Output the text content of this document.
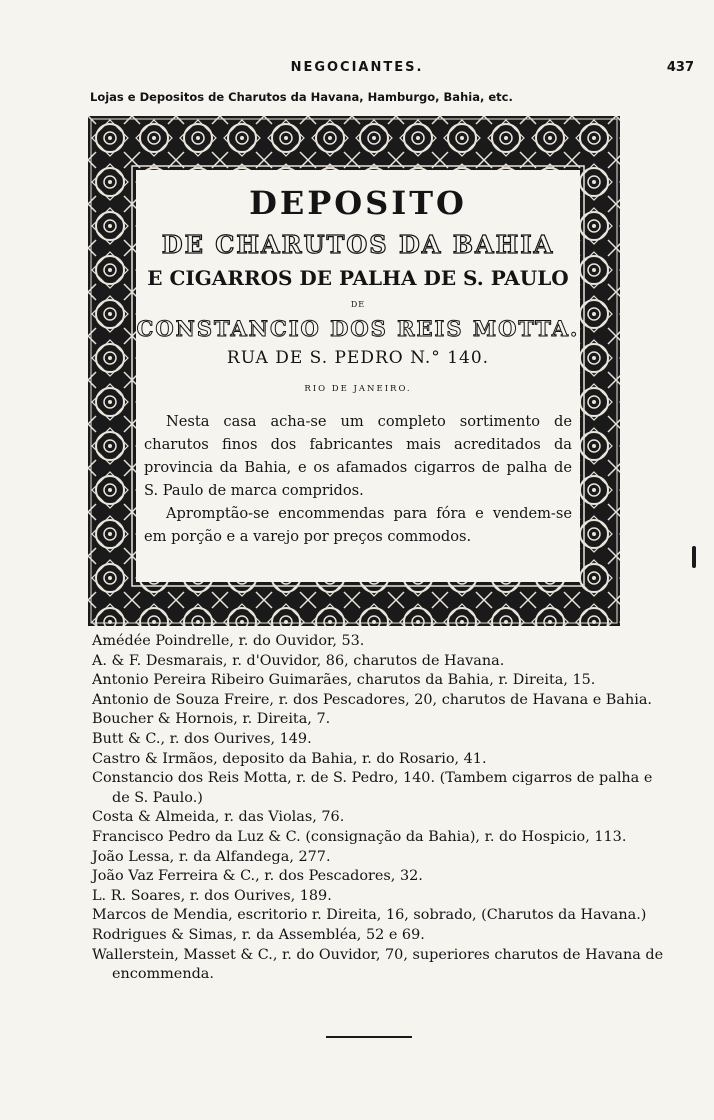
NEGOCIANTES.	437
Lojas e Depositos de Charutos da Havana, Hamburgo, Bahia, etc.
DEPOSITO
DE CHARUTOS DA BAHIA
E CIGARROS DE PALHA DE S. PAULO
DE
CONSTANCIO DOS REIS MOTTA.
RUA DE S. PEDRO N.° 140.
RIO DE JANEIRO.

Nesta casa acha-se um completo sortimento de charutos finos dos fabricantes mais acreditados da provincia da Bahia, e os afamados cigarros de palha de S. Paulo de marca compridos.

Apromptão-se encommendas para fóra e vendem-se em porção e a varejo por preços commodos.

Amédée Poindrelle, r. do Ouvidor, 53.

A. & F. Desmarais, r. d'Ouvidor, 86, charutos de Havana.

Antonio Pereira Ribeiro Guimarães, charutos da Bahia, r. Direita, 15.

Antonio de Souza Freire, r. dos Pescadores, 20, charutos de Havana e Bahia.

Boucher & Hornois, r. Direita, 7.

Butt & C., r. dos Ourives, 149.

Castro & Irmãos, deposito da Bahia, r. do Rosario, 41.

Constancio dos Reis Motta, r. de S. Pedro, 140. (Tambem cigarros de palha e de S. Paulo.)

Costa & Almeida, r. das Violas, 76.

Francisco Pedro da Luz & C. (consignação da Bahia), r. do Hospicio, 113.

João Lessa, r. da Alfandega, 277.

João Vaz Ferreira & C., r. dos Pescadores, 32.

L. R. Soares, r. dos Ourives, 189.

Marcos de Mendia, escritorio r. Direita, 16, sobrado, (Charutos da Havana.)

Rodrigues & Simas, r. da Assembléa, 52 e 69.

Wallerstein, Masset & C., r. do Ouvidor, 70, superiores charutos de Havana de encommenda.
